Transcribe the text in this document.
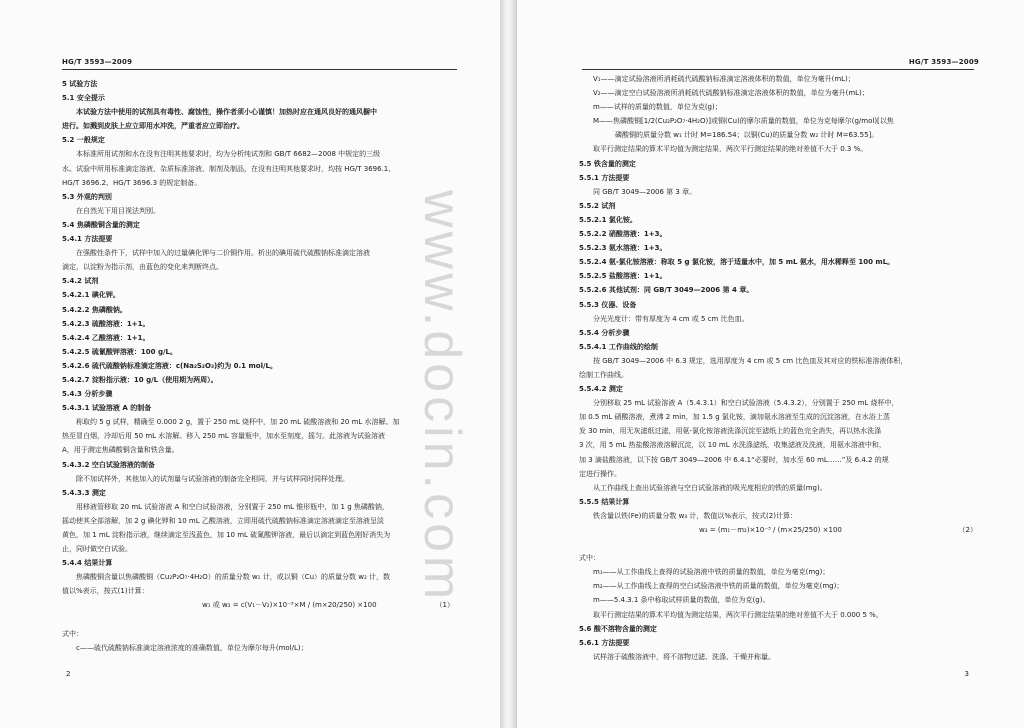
HG/T 3593—2009
5 试验方法
5.1 安全提示
本试验方法中使用的试剂具有毒性、腐蚀性，操作者须小心谨慎！加热时应在通风良好的通风橱中
进行。如溅到皮肤上应立即用水冲洗，严重者应立即治疗。
5.2 一般规定
本标准所用试剂和水在没有注明其他要求时，均为分析纯试剂和 GB/T 6682—2008 中规定的三级
水。试验中所用标准滴定溶液、杂质标准溶液、制剂及制品，在没有注明其他要求时，均按 HG/T 3696.1、
HG/T 3696.2、HG/T 3696.3 的规定制备。
5.3 外观的判别
在自然光下用目视法判别。
5.4 焦磷酸铜含量的测定
5.4.1 方法提要
在强酸性条件下，试样中加入的过量碘化钾与二价铜作用。析出的碘用硫代硫酸钠标准滴定溶液
滴定，以淀粉为指示剂，由蓝色的变化来判断终点。
5.4.2 试剂
5.4.2.1 碘化钾。
5.4.2.2 焦磷酸钠。
5.4.2.3 硫酸溶液：1+1。
5.4.2.4 乙酸溶液：1+1。
5.4.2.5 硫氰酸钾溶液：100 g/L。
5.4.2.6 硫代硫酸钠标准滴定溶液：c(Na₂S₂O₃)约为 0.1 mol/L。
5.4.2.7 淀粉指示液：10 g/L（使用期为两周）。
5.4.3 分析步骤
5.4.3.1 试验溶液 A 的制备
称取约 5 g 试样，精确至 0.000 2 g，置于 250 mL 烧杯中，加 20 mL 硫酸溶液和 20 mL 水溶解。加
热至冒白烟，冷却后用 50 mL 水溶解。移入 250 mL 容量瓶中，加水至刻度，摇匀。此溶液为试验溶液
A，用于测定焦磷酸铜含量和铁含量。
5.4.3.2 空白试验溶液的制备
除不加试样外，其他加入的试剂量与试验溶液的制备完全相同，并与试样同时同样处理。
5.4.3.3 测定
用移液管移取 20 mL 试验溶液 A 和空白试验溶液，分别置于 250 mL 锥形瓶中，加 1 g 焦磷酸钠，
摇动使其全部溶解，加 2 g 碘化钾和 10 mL 乙酸溶液，立即用硫代硫酸钠标准滴定溶液滴定至溶液呈淡
黄色，加 1 mL 淀粉指示液，继续滴定至浅蓝色，加 10 mL 硫氰酸钾溶液，最后以滴定到蓝色刚好消失为
止，同时做空白试验。
5.4.4 结果计算
焦磷酸铜含量以焦磷酸铜（Cu₂P₂O₇·4H₂O）的质量分数 w₁ 计，或以铜（Cu）的质量分数 w₂ 计，数
值以%表示，按式(1)计算：
w₁ 或 w₂ = c(V₁－V₂)×10⁻³×M / (m×20/250) ×100	（1）
式中：
c——硫代硫酸钠标准滴定溶液浓度的准确数值，单位为摩尔每升(mol/L)；
2
HG/T 3593—2009
V₁——滴定试验溶液所消耗硫代硫酸钠标准滴定溶液体积的数值，单位为毫升(mL)；
V₂——滴定空白试验溶液所消耗硫代硫酸钠标准滴定溶液体积的数值，单位为毫升(mL)；
m——试样的质量的数值，单位为克(g)；
M——焦磷酸铜[1/2(Cu₂P₂O₇·4H₂O)]或铜(Cu)的摩尔质量的数值，单位为克每摩尔(g/mol)[以焦
磷酸铜的质量分数 w₁ 计时 M=186.54；以铜(Cu)的质量分数 w₂ 计时 M=63.55]。
取平行测定结果的算术平均值为测定结果，两次平行测定结果的绝对差值不大于 0.3 %。
5.5 铁含量的测定
5.5.1 方法提要
同 GB/T 3049—2006 第 3 章。
5.5.2 试剂
5.5.2.1 氯化铵。
5.5.2.2 硝酸溶液：1+3。
5.5.2.3 氨水溶液：1+3。
5.5.2.4 氨-氯化铵溶液：称取 5 g 氯化铵，溶于适量水中，加 5 mL 氨水，用水稀释至 100 mL。
5.5.2.5 盐酸溶液：1+1。
5.5.2.6 其他试剂：同 GB/T 3049—2006 第 4 章。
5.5.3 仪器、设备
分光光度计：带有厚度为 4 cm 或 5 cm 比色皿。
5.5.4 分析步骤
5.5.4.1 工作曲线的绘制
按 GB/T 3049—2006 中 6.3 规定，选用厚度为 4 cm 或 5 cm 比色皿及其对应的铁标准溶液体积，
绘制工作曲线。
5.5.4.2 测定
分别移取 25 mL 试验溶液 A（5.4.3.1）和空白试验溶液（5.4.3.2），分别置于 250 mL 烧杯中，
加 0.5 mL 硝酸溶液，煮沸 2 min，加 1.5 g 氯化铵，滴加氨水溶液至生成的沉淀溶液，在水浴上蒸
发 30 min，用无灰滤纸过滤，用氨-氯化铵溶液洗涤沉淀至滤纸上的蓝色完全消失，再以热水洗涤
3 次，用 5 mL 热盐酸溶液溶解沉淀，以 10 mL 水洗涤滤纸，收集滤液及洗液，用氨水溶液中和，
加 3 滴盐酸溶液，以下按 GB/T 3049—2006 中 6.4.1“必要时，加水至 60 mL……”及 6.4.2 的规
定进行操作。
从工作曲线上查出试验溶液与空白试验溶液的吸光度相应的铁的质量(mg)。
5.5.5 结果计算
铁含量以铁(Fe)的质量分数 w₃ 计，数值以%表示，按式(2)计算：
w₃ = (m₁－m₂)×10⁻³ / (m×25/250) ×100	（2）
式中：
m₁——从工作曲线上查得的试验溶液中铁的质量的数值，单位为毫克(mg)；
m₂——从工作曲线上查得的空白试验溶液中铁的质量的数值，单位为毫克(mg)；
m——5.4.3.1 条中称取试样质量的数值，单位为克(g)。
取平行测定结果的算术平均值为测定结果，两次平行测定结果的绝对差值不大于 0.000 5 %。
5.6 酸不溶物含量的测定
5.6.1 方法提要
试样溶于硫酸溶液中，将不溶物过滤、洗涤、干燥并称量。
3
www.docin.com
